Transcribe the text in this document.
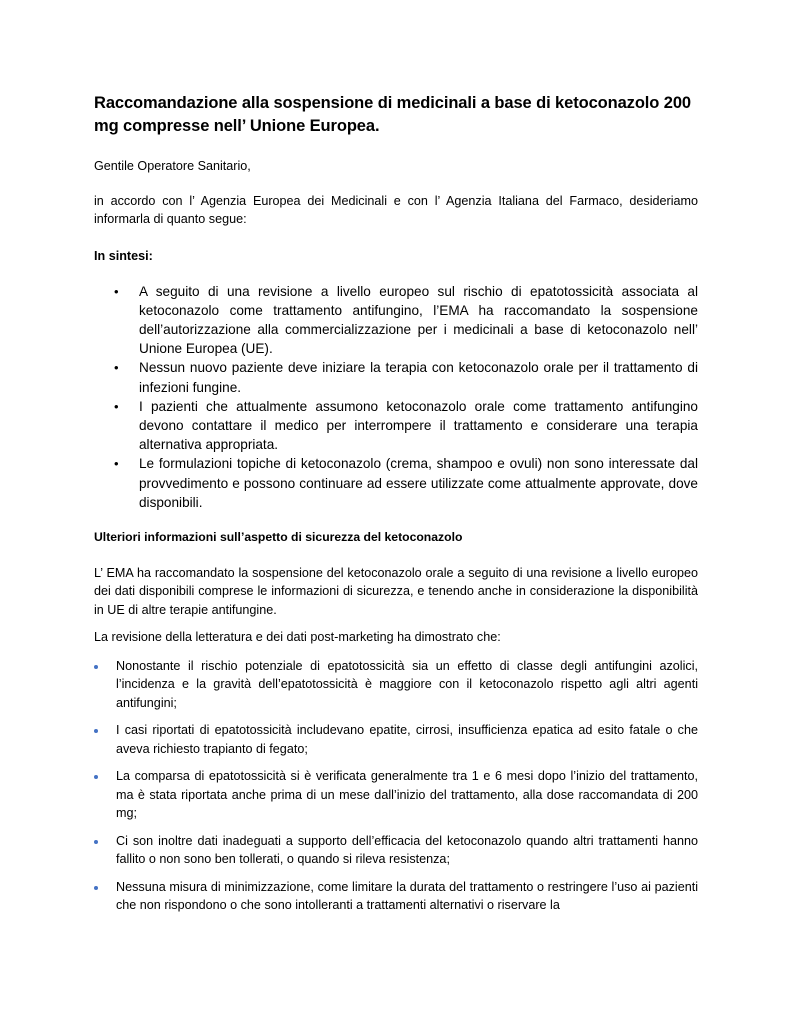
Raccomandazione alla sospensione di medicinali a base di ketoconazolo 200 mg compresse nell’ Unione Europea.

Gentile Operatore Sanitario,

in accordo con l’ Agenzia Europea dei Medicinali e con l’ Agenzia Italiana del Farmaco, desideriamo informarla di quanto segue:

In sintesi:

• A seguito di una revisione a livello europeo sul rischio di epatotossicità associata al ketoconazolo come trattamento antifungino, l’EMA ha raccomandato la sospensione dell’autorizzazione alla commercializzazione per i medicinali a base di ketoconazolo nell’ Unione Europea (UE).
• Nessun nuovo paziente deve iniziare la terapia con ketoconazolo orale per il trattamento di infezioni fungine.
• I pazienti che attualmente assumono ketoconazolo orale come trattamento antifungino devono contattare il medico per interrompere il trattamento e considerare una terapia alternativa appropriata.
• Le formulazioni topiche di ketoconazolo (crema, shampoo e ovuli) non sono interessate dal provvedimento e possono continuare ad essere utilizzate come attualmente approvate, dove disponibili.

Ulteriori informazioni sull’aspetto di sicurezza del ketoconazolo

L’ EMA ha raccomandato la sospensione del ketoconazolo orale a seguito di una revisione a livello europeo dei dati disponibili comprese le informazioni di sicurezza, e tenendo anche in considerazione la disponibilità in UE di altre terapie antifungine.

La revisione della letteratura e dei dati post-marketing ha dimostrato che:

Nonostante il rischio potenziale di epatotossicità sia un effetto di classe degli antifungini azolici, l’incidenza e la gravità dell’epatotossicità è maggiore con il ketoconazolo rispetto agli altri agenti antifungini;
I casi riportati di epatotossicità includevano epatite, cirrosi, insufficienza epatica ad esito fatale o che aveva richiesto trapianto di fegato;
La comparsa di epatotossicità si è verificata generalmente tra 1 e 6 mesi dopo l’inizio del trattamento, ma è stata riportata anche prima di un mese dall’inizio del trattamento, alla dose raccomandata di 200 mg;
Ci son inoltre dati inadeguati a supporto dell’efficacia del ketoconazolo quando altri trattamenti hanno fallito o non sono ben tollerati, o quando si rileva resistenza;
Nessuna misura di minimizzazione, come limitare la durata del trattamento o restringere l’uso ai pazienti che non rispondono o che sono intolleranti a trattamenti alternativi o riservare la
